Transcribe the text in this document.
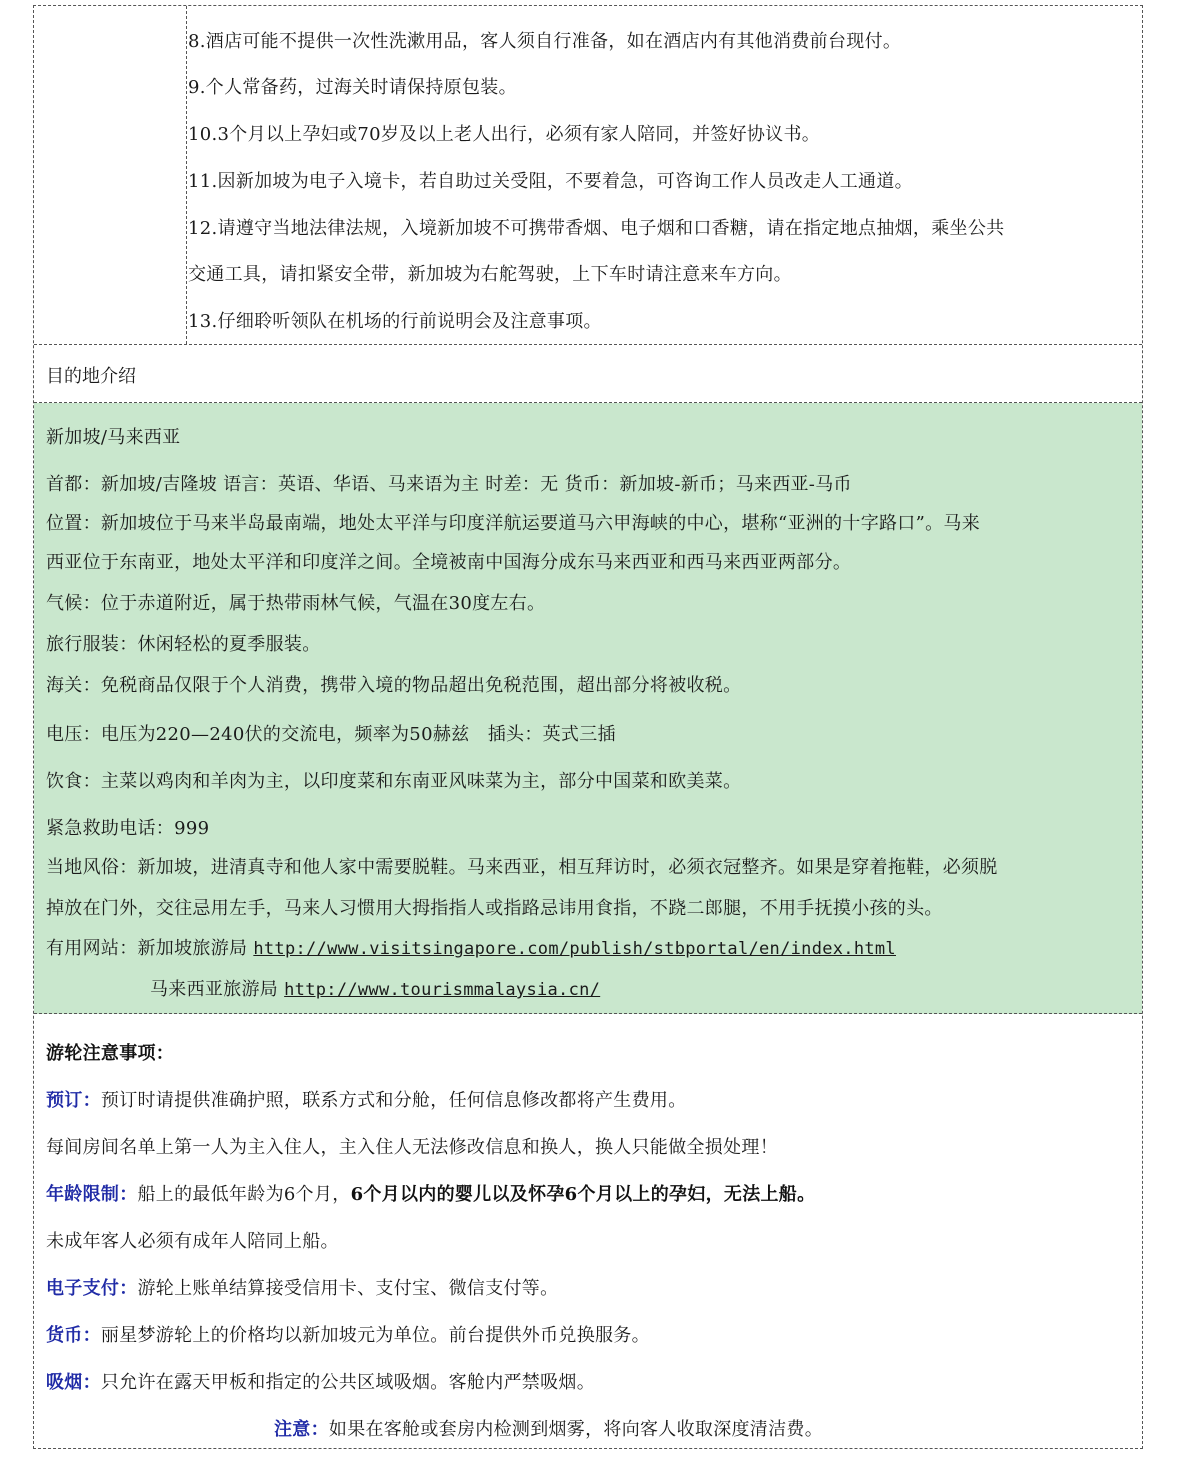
8.酒店可能不提供一次性洗漱用品，客人须自行准备，如在酒店内有其他消费前台现付。
9.个人常备药，过海关时请保持原包装。
10.3个月以上孕妇或70岁及以上老人出行，必须有家人陪同，并签好协议书。
11.因新加坡为电子入境卡，若自助过关受阻，不要着急，可咨询工作人员改走人工通道。
12.请遵守当地法律法规，入境新加坡不可携带香烟、电子烟和口香糖，请在指定地点抽烟，乘坐公共
交通工具，请扣紧安全带，新加坡为右舵驾驶，上下车时请注意来车方向。
13.仔细聆听领队在机场的行前说明会及注意事项。
目的地介绍
新加坡/马来西亚
首都：新加坡/吉隆坡 语言：英语、华语、马来语为主 时差：无 货币：新加坡-新币；马来西亚-马币
位置：新加坡位于马来半岛最南端，地处太平洋与印度洋航运要道马六甲海峡的中心，堪称“亚洲的十字路口”。马来
西亚位于东南亚，地处太平洋和印度洋之间。全境被南中国海分成东马来西亚和西马来西亚两部分。
气候：位于赤道附近，属于热带雨林气候，气温在30度左右。
旅行服装：休闲轻松的夏季服装。
海关：免税商品仅限于个人消费，携带入境的物品超出免税范围，超出部分将被收税。
电压：电压为220—240伏的交流电，频率为50赫兹　插头：英式三插
饮食：主菜以鸡肉和羊肉为主，以印度菜和东南亚风味菜为主，部分中国菜和欧美菜。
紧急救助电话：999
当地风俗：新加坡，进清真寺和他人家中需要脱鞋。马来西亚，相互拜访时，必须衣冠整齐。如果是穿着拖鞋，必须脱
掉放在门外，交往忌用左手，马来人习惯用大拇指指人或指路忌讳用食指，不跷二郎腿，不用手抚摸小孩的头。
有用网站：新加坡旅游局 http://www.visitsingapore.com/publish/stbportal/en/index.html
马来西亚旅游局 http://www.tourismmalaysia.cn/
游轮注意事项：
预订：预订时请提供准确护照，联系方式和分舱，任何信息修改都将产生费用。
每间房间名单上第一人为主入住人，主入住人无法修改信息和换人，换人只能做全损处理！
年龄限制：船上的最低年龄为6个月，6个月以内的婴儿以及怀孕6个月以上的孕妇，无法上船。
未成年客人必须有成年人陪同上船。
电子支付：游轮上账单结算接受信用卡、支付宝、微信支付等。
货币：丽星梦游轮上的价格均以新加坡元为单位。前台提供外币兑换服务。
吸烟：只允许在露天甲板和指定的公共区域吸烟。客舱内严禁吸烟。
注意：如果在客舱或套房内检测到烟雾，将向客人收取深度清洁费。
